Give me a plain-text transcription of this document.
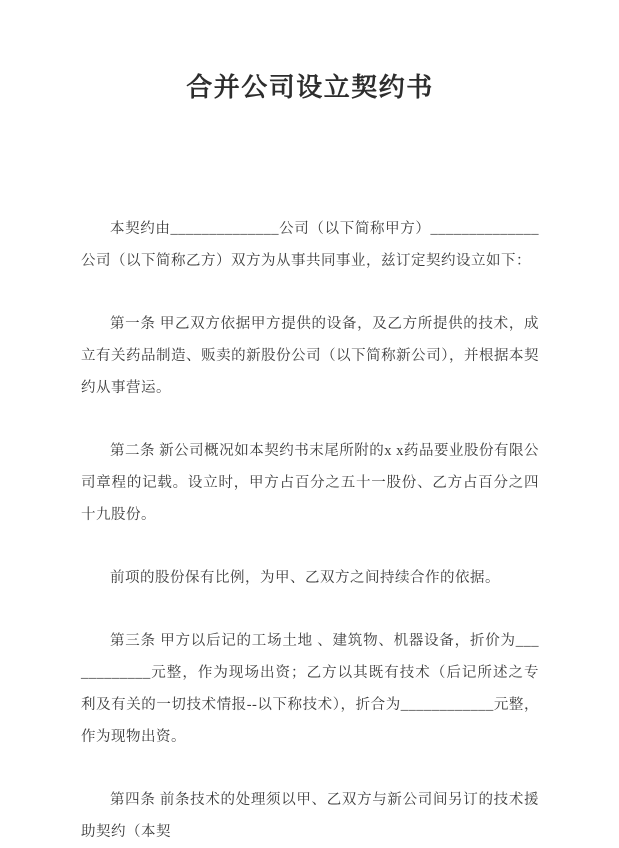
合并公司设立契约书

本契约由______________公司（以下简称甲方）______________公司（以下简称乙方）双方为从事共同事业，兹订定契约设立如下：

第一条 甲乙双方依据甲方提供的设备，及乙方所提供的技术，成立有关药品制造、贩卖的新股份公司（以下简称新公司），并根据本契约从事营运。

第二条 新公司概况如本契约书末尾所附的x x药品要业股份有限公司章程的记载。设立时，甲方占百分之五十一股份、乙方占百分之四十九股份。

前项的股份保有比例，为甲、乙双方之间持续合作的依据。

第三条 甲方以后记的工场土地 、建筑物、机器设备，折价为____________元整，作为现场出资；乙方以其既有技术（后记所述之专利及有关的一切技术情报--以下称技术），折合为____________元整，作为现物出资。

第四条 前条技术的处理须以甲、乙双方与新公司间另订的技术援助契约（本契
